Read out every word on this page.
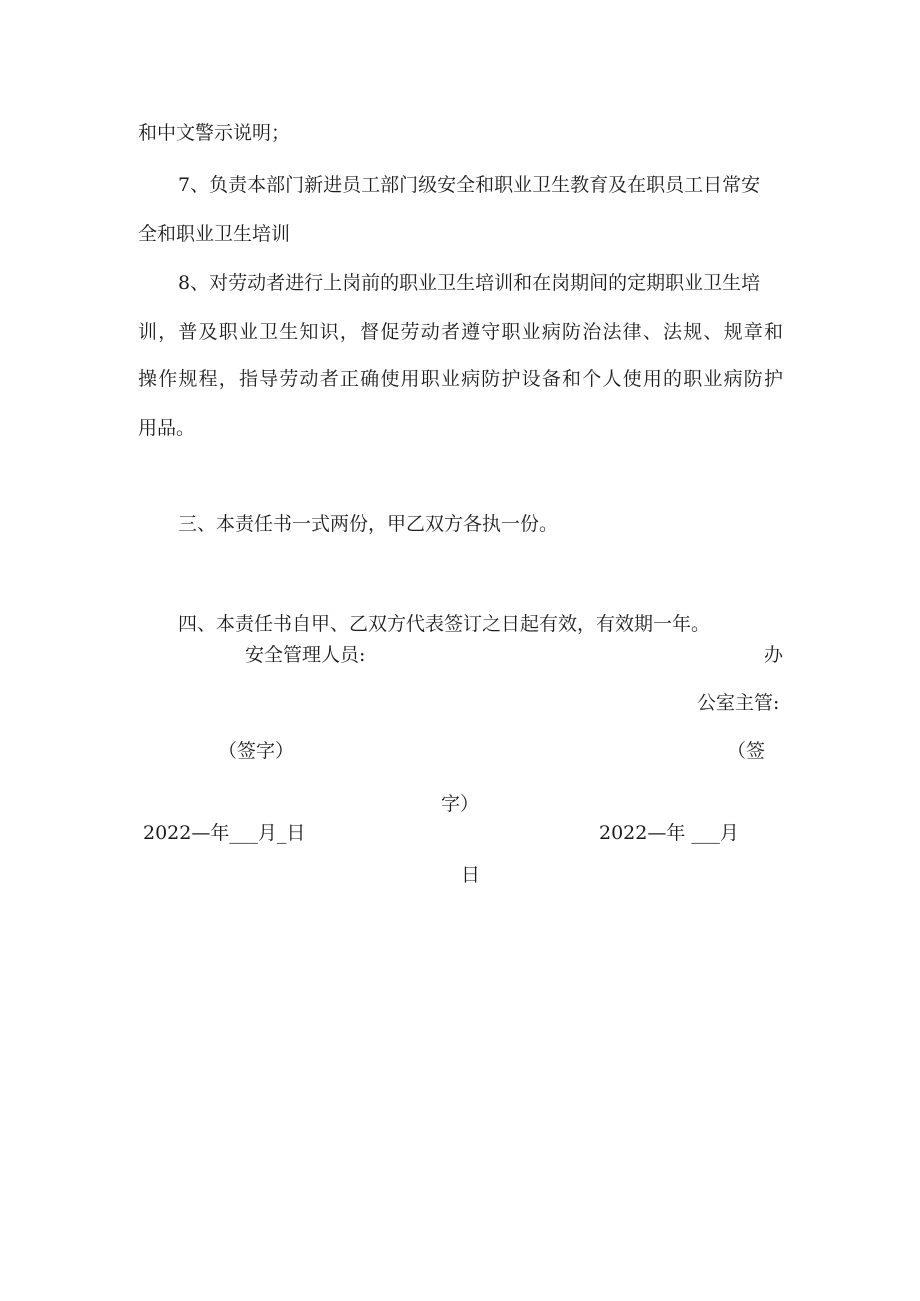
和中文警示说明；
7、负责本部门新进员工部门级安全和职业卫生教育及在职员工日常安
全和职业卫生培训
8、对劳动者进行上岗前的职业卫生培训和在岗期间的定期职业卫生培
训，普及职业卫生知识，督促劳动者遵守职业病防治法律、法规、规章和
操作规程，指导劳动者正确使用职业病防护设备和个人使用的职业病防护
用品。
三、本责任书一式两份，甲乙双方各执一份。
四、本责任书自甲、乙双方代表签订之日起有效，有效期一年。
安全管理人员:	办
公室主管:
（签字）	（签
字）
2022—年___月_日	2022—年 ___月
日
